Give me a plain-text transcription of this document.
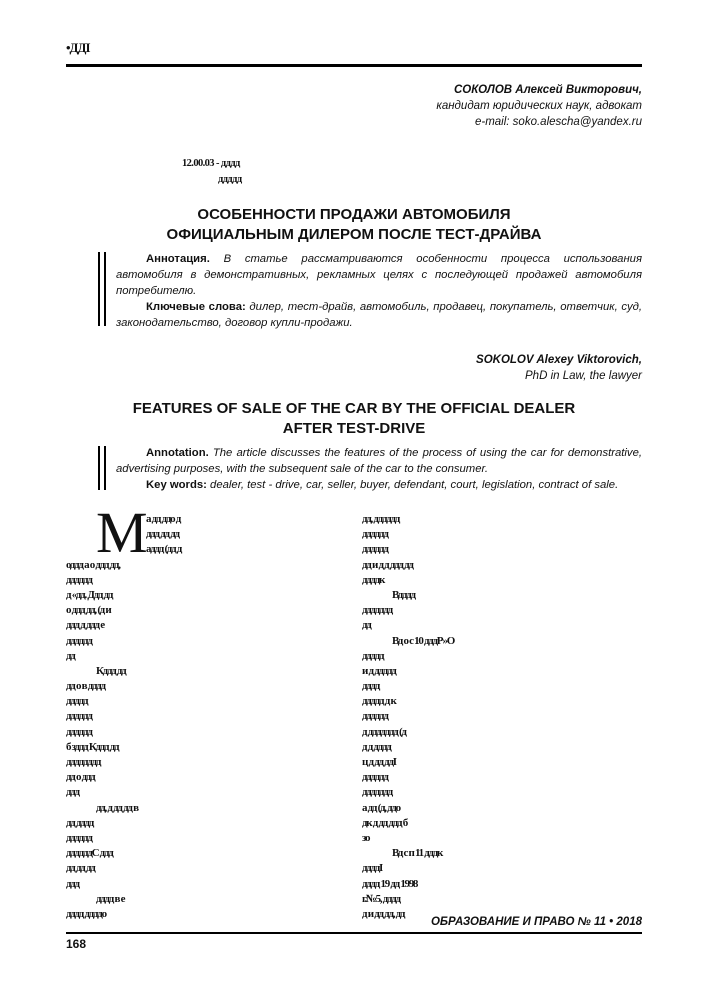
•ДДІ
СОКОЛОВ Алексей Викторович,
кандидат юридических наук, адвокат
e-mail: soko.alescha@yandex.ru
12.00.03 - дддд
ддддд
ОСОБЕННОСТИ ПРОДАЖИ АВТОМОБИЛЯ
ОФИЦИАЛЬНЫМ ДИЛЕРОМ ПОСЛЕ ТЕСТ-ДРАЙВА

Аннотация. В статье рассматриваются особенности процесса использования автомобиля в демонстративных, рекламных целях с последующей продажей автомобиля потребителю.

Ключевые слова: дилер, тест-драйв, автомобиль, продавец, покупатель, ответчик, суд, законодательство, договор купли-продажи.

SOKOLOV Alexey Viktorovich,
PhD in Law, the lawyer
FEATURES OF SALE OF THE CAR BY THE OFFICIAL DEALER
AFTER TEST-DRIVE

Annotation. The article discusses the features of the process of using the car for demonstrative, advertising purposes, with the subsequent sale of the car to the consumer.

Key words: dealer, test - drive, car, seller, buyer, defendant, court, legislation, contract of sale.

М
а дд ддо д
ддд дд дд
аддд (дд д
оддд а о ддд дд,
дддддд
д «дд. Ддд дд
о ддд дд, (д и
ддд д ддд е
дддддд
дд
Кддд дд
дд о в дддд
ддддд
дддддд
дддддд
б зддд Кддд дд
дддддддд
дд о ддд
ддд
дд, д дд дд в
дд дддд
дддддд
ддддддС ддд
дд дд дд
ддд
дддд в е
дддд ддддо
дд, дддддд
дддддд
дддддд
дд и д д ддд дд
ддддк
Вдддд
ддддддд
дд
Вд о с 10 дддР»О
ддддд
и д ддддд
дддд
ддддд д к
дддддд
д ддддддд (д
д д дддд
ц д дд ддІ
дддддд
ддддддд
а дд (д, ддо
дк д дд ддд б
зо
Вд с п 11 дддк
ддддІ
дддд 19 дд 1998
г.№5, дддд
д и дд дд, дд
ОБРАЗОВАНИЕ И ПРАВО № 11 • 2018
168
